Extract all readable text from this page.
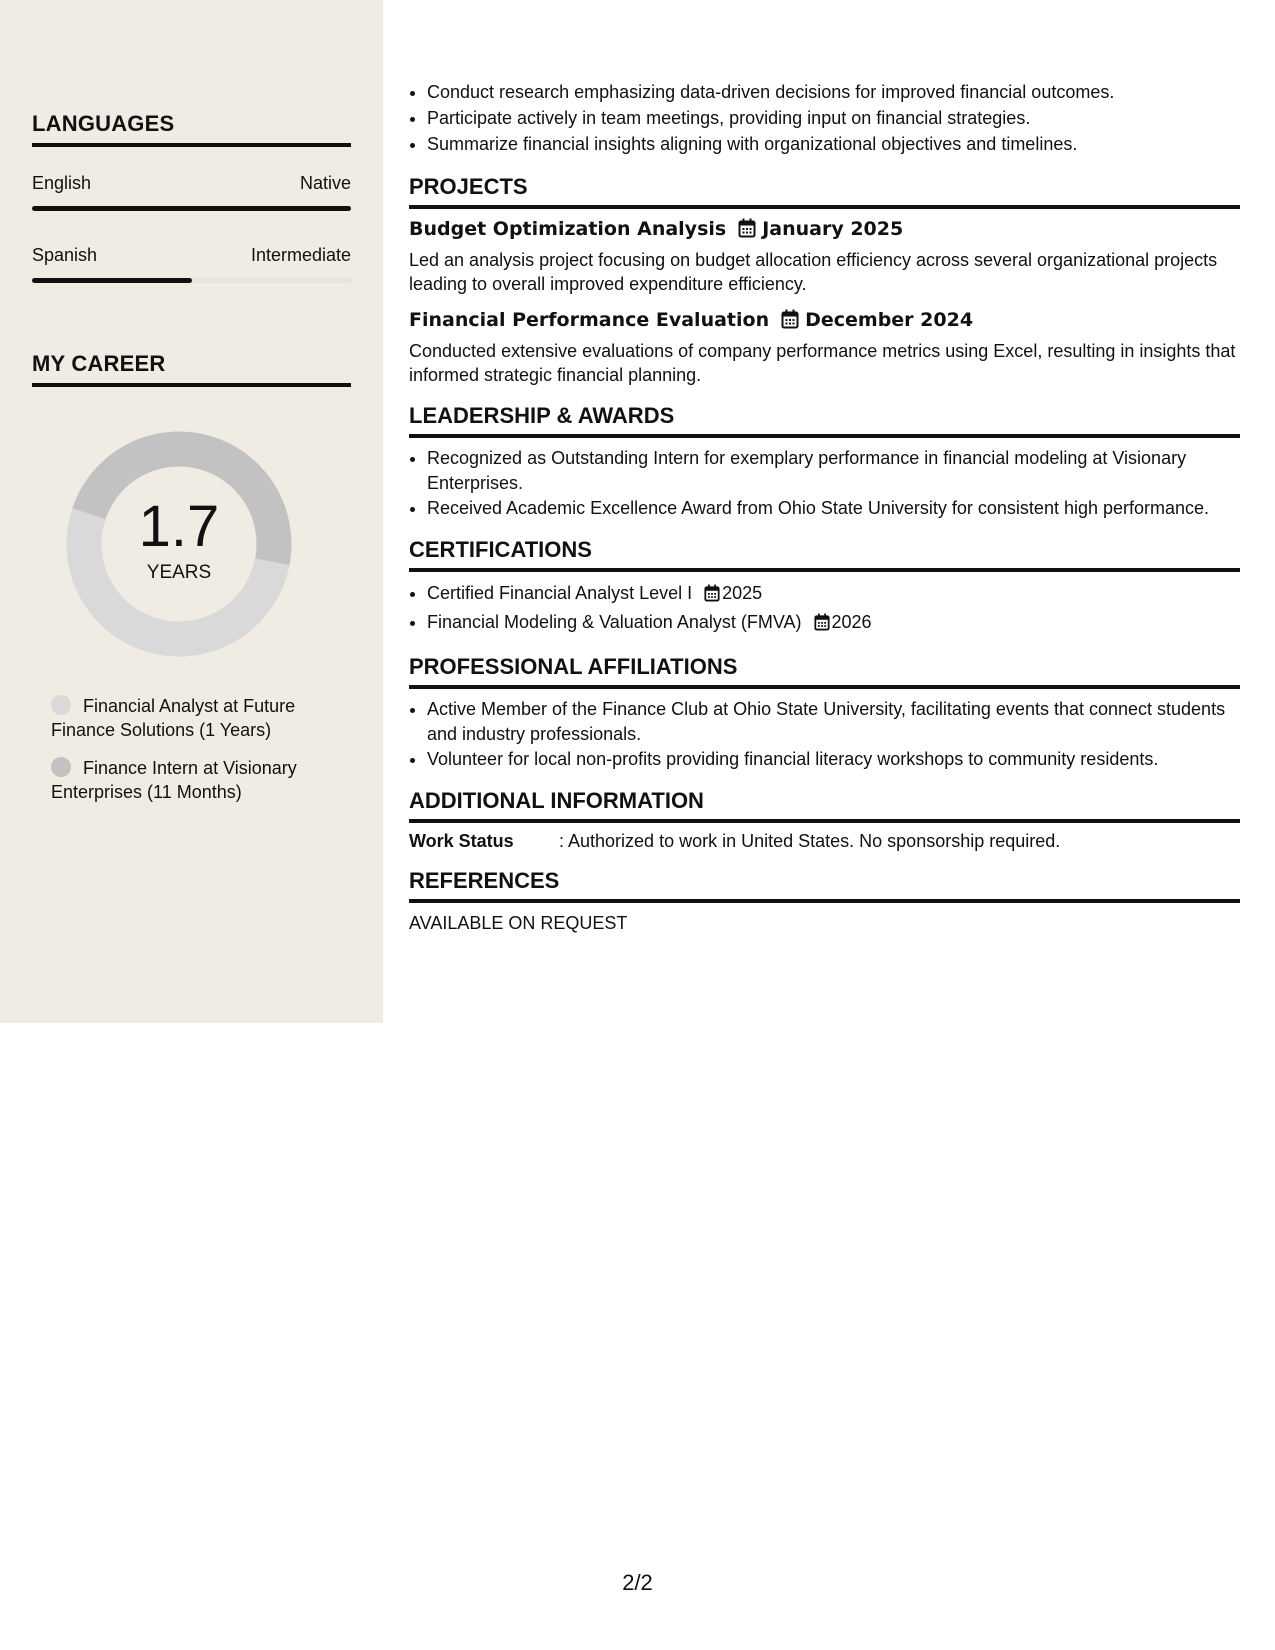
LANGUAGES
English	Native
Spanish	Intermediate
MY CAREER
1.7
YEARS
Financial Analyst at Future Finance Solutions (1 Years)
Finance Intern at Visionary Enterprises (11 Months)
• Conduct research emphasizing data-driven decisions for improved financial outcomes.
• Participate actively in team meetings, providing input on financial strategies.
• Summarize financial insights aligning with organizational objectives and timelines.
PROJECTS
Budget Optimization Analysis January 2025
Led an analysis project focusing on budget allocation efficiency across several organizational projects leading to overall improved expenditure efficiency.
Financial Performance Evaluation December 2024
Conducted extensive evaluations of company performance metrics using Excel, resulting in insights that informed strategic financial planning.
LEADERSHIP & AWARDS
• Recognized as Outstanding Intern for exemplary performance in financial modeling at Visionary Enterprises.
• Received Academic Excellence Award from Ohio State University for consistent high performance.
CERTIFICATIONS
• Certified Financial Analyst Level I 2025
• Financial Modeling & Valuation Analyst (FMVA) 2026
PROFESSIONAL AFFILIATIONS
• Active Member of the Finance Club at Ohio State University, facilitating events that connect students and industry professionals.
• Volunteer for local non-profits providing financial literacy workshops to community residents.
ADDITIONAL INFORMATION
Work Status	: Authorized to work in United States. No sponsorship required.
REFERENCES
AVAILABLE ON REQUEST
2/2
